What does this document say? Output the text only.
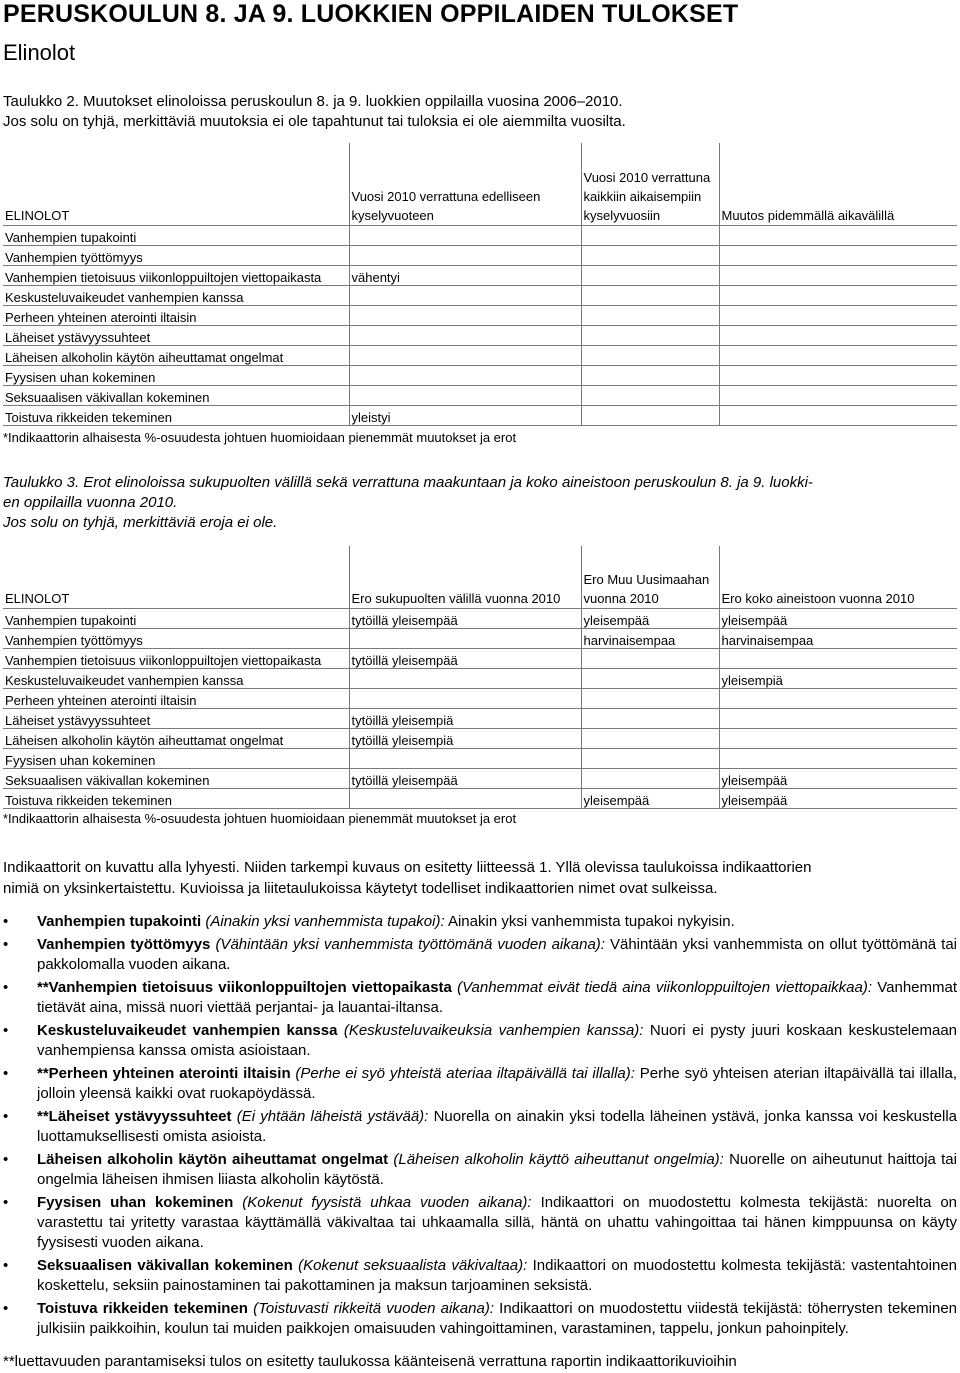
PERUSKOULUN 8. JA 9. LUOKKIEN OPPILAIDEN TULOKSET
Elinolot
Taulukko 2. Muutokset elinoloissa peruskoulun 8. ja 9. luokkien oppilailla vuosina 2006–2010.
Jos solu on tyhjä, merkittäviä muutoksia ei ole tapahtunut tai tuloksia ei ole aiemmilta vuosilta.
ELINOLOT	Vuosi 2010 verrattuna edelliseen kyselyvuoteen	Vuosi 2010 verrattuna kaikkiin aikaisempiin kyselyvuosiin	Muutos pidemmällä aikavälillä
Vanhempien tupakointi			
Vanhempien työttömyys			
Vanhempien tietoisuus viikonloppuiltojen viettopaikasta	vähentyi		
Keskusteluvaikeudet vanhempien kanssa			
Perheen yhteinen aterointi iltaisin			
Läheiset ystävyyssuhteet			
Läheisen alkoholin käytön aiheuttamat ongelmat			
Fyysisen uhan kokeminen			
Seksuaalisen väkivallan kokeminen			
Toistuva rikkeiden tekeminen	yleistyi		
*Indikaattorin alhaisesta %-osuudesta johtuen huomioidaan pienemmät muutokset ja erot
Taulukko 3. Erot elinoloissa sukupuolten välillä sekä verrattuna maakuntaan ja koko aineistoon peruskoulun 8. ja 9. luokki-
en oppilailla vuonna 2010.
Jos solu on tyhjä, merkittäviä eroja ei ole.
ELINOLOT	Ero sukupuolten välillä vuonna 2010	Ero Muu Uusimaahan vuonna 2010	Ero koko aineistoon vuonna 2010
Vanhempien tupakointi	tytöillä yleisempää	yleisempää	yleisempää
Vanhempien työttömyys		harvinaisempaa	harvinaisempaa
Vanhempien tietoisuus viikonloppuiltojen viettopaikasta	tytöillä yleisempää		
Keskusteluvaikeudet vanhempien kanssa			yleisempiä
Perheen yhteinen aterointi iltaisin			
Läheiset ystävyyssuhteet	tytöillä yleisempiä		
Läheisen alkoholin käytön aiheuttamat ongelmat	tytöillä yleisempiä		
Fyysisen uhan kokeminen			
Seksuaalisen väkivallan kokeminen	tytöillä yleisempää		yleisempää
Toistuva rikkeiden tekeminen		yleisempää	yleisempää
*Indikaattorin alhaisesta %-osuudesta johtuen huomioidaan pienemmät muutokset ja erot
Indikaattorit on kuvattu alla lyhyesti. Niiden tarkempi kuvaus on esitetty liitteessä 1. Yllä olevissa taulukoissa indikaattorien
nimiä on yksinkertaistettu. Kuvioissa ja liitetaulukoissa käytetyt todelliset indikaattorien nimet ovat sulkeissa.
• Vanhempien tupakointi (Ainakin yksi vanhemmista tupakoi): Ainakin yksi vanhemmista tupakoi nykyisin.
• Vanhempien työttömyys (Vähintään yksi vanhemmista työttömänä vuoden aikana): Vähintään yksi vanhemmista on ollut työttömänä tai pakkolomalla vuoden aikana.
• **Vanhempien tietoisuus viikonloppuiltojen viettopaikasta (Vanhemmat eivät tiedä aina viikonloppuiltojen viettopaikkaa): Vanhemmat tietävät aina, missä nuori viettää perjantai- ja lauantai-iltansa.
• Keskusteluvaikeudet vanhempien kanssa (Keskusteluvaikeuksia vanhempien kanssa): Nuori ei pysty juuri koskaan keskustelemaan vanhempiensa kanssa omista asioistaan.
• **Perheen yhteinen aterointi iltaisin (Perhe ei syö yhteistä ateriaa iltapäivällä tai illalla): Perhe syö yhteisen aterian iltapäivällä tai illalla, jolloin yleensä kaikki ovat ruokapöydässä.
• **Läheiset ystävyyssuhteet (Ei yhtään läheistä ystävää): Nuorella on ainakin yksi todella läheinen ystävä, jonka kanssa voi keskustella luottamuksellisesti omista asioista.
• Läheisen alkoholin käytön aiheuttamat ongelmat (Läheisen alkoholin käyttö aiheuttanut ongelmia): Nuorelle on aiheutunut haittoja tai ongelmia läheisen ihmisen liiasta alkoholin käytöstä.
• Fyysisen uhan kokeminen (Kokenut fyysistä uhkaa vuoden aikana): Indikaattori on muodostettu kolmesta tekijästä: nuorelta on varastettu tai yritetty varastaa käyttämällä väkivaltaa tai uhkaamalla sillä, häntä on uhattu vahingoittaa tai hänen kimppuunsa on käyty fyysisesti vuoden aikana.
• Seksuaalisen väkivallan kokeminen (Kokenut seksuaalista väkivaltaa): Indikaattori on muodostettu kolmesta tekijästä: vastentahtoinen koskettelu, seksiin painostaminen tai pakottaminen ja maksun tarjoaminen seksistä.
• Toistuva rikkeiden tekeminen (Toistuvasti rikkeitä vuoden aikana): Indikaattori on muodostettu viidestä tekijästä: töherrysten tekeminen julkisiin paikkoihin, koulun tai muiden paikkojen omaisuuden vahingoittaminen, varastaminen, tappelu, jonkun pahoinpitely.
**luettavuuden parantamiseksi tulos on esitetty taulukossa käänteisenä verrattuna raportin indikaattorikuvioihin
